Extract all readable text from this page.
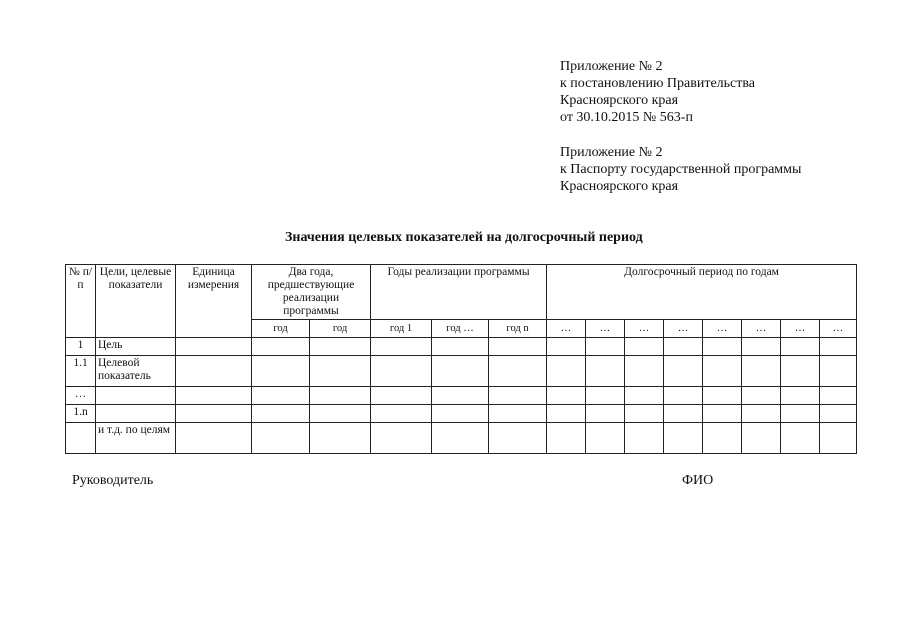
Приложение № 2
к постановлению Правительства
Красноярского края
от 30.10.2015 № 563-п
Приложение № 2
к Паспорту государственной программы
Красноярского края
Значения целевых показателей на долгосрочный период
№ п/п	Цели, целевые показатели	Единица измерения	Два года, предшествующие реализации программы		Годы реализации программы			Долгосрочный период по годам							
			год	год	год 1	год …	год n	…	…	…	…	…	…	…	…
1	Цель														
1.1	Целевой показатель														
…															
1.n															
	и т.д. по целям														
Руководитель	ФИО
